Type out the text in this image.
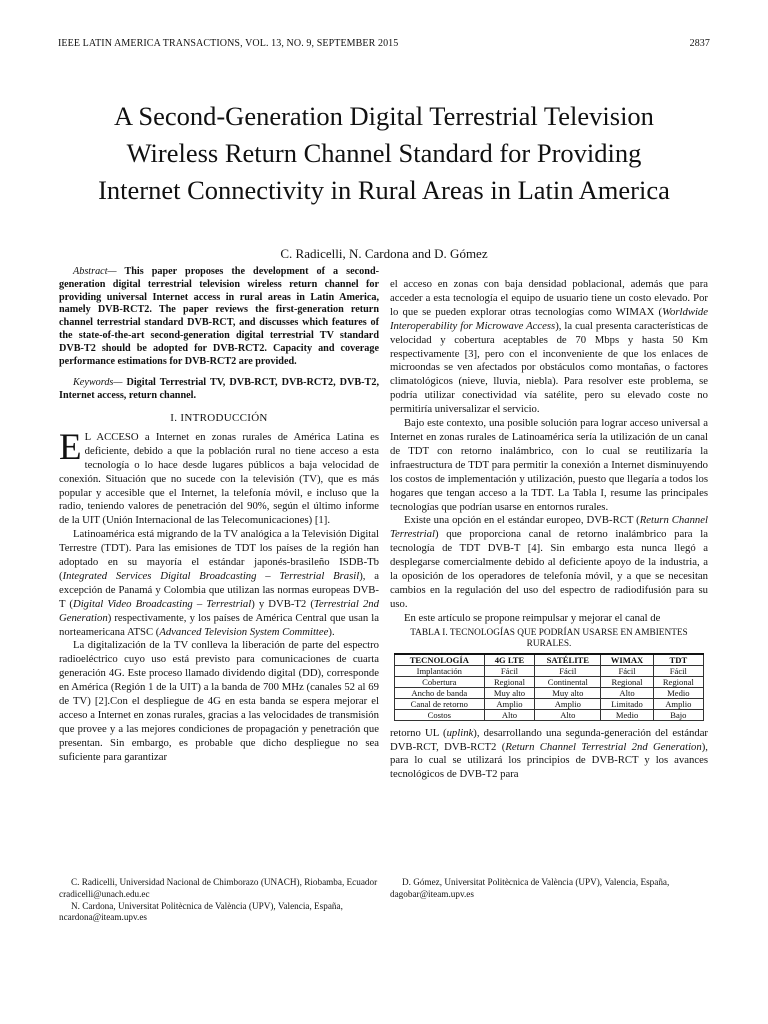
IEEE LATIN AMERICA TRANSACTIONS, VOL. 13, NO. 9, SEPTEMBER 2015	2837
A Second-Generation Digital Terrestrial Television Wireless Return Channel Standard for Providing Internet Connectivity in Rural Areas in Latin America
C. Radicelli, N. Cardona and D. Gómez

Abstract— This paper proposes the development of a second-generation digital terrestrial television wireless return channel for providing universal Internet access in rural areas in Latin America, namely DVB-RCT2. The paper reviews the first-generation return channel terrestrial standard DVB-RCT, and discusses which features of the state-of-the-art second-generation digital terrestrial TV standard DVB-T2 should be adopted for DVB-RCT2. Capacity and coverage performance estimations for DVB-RCT2 are provided.

Keywords— Digital Terrestrial TV, DVB-RCT, DVB-RCT2, DVB-T2, Internet access, return channel.

I. INTRODUCCIÓN

E L ACCESO a Internet en zonas rurales de América Latina es deficiente, debido a que la población rural no tiene acceso a esta tecnología o lo hace desde lugares públicos a baja velocidad de conexión. Situación que no sucede con la televisión (TV), que es más popular y accesible que el Internet, la telefonía móvil, e incluso que la radio, teniendo valores de penetración del 90%, según el último informe de la UIT (Unión Internacional de las Telecomunicaciones) [1].

Latinoamérica está migrando de la TV analógica a la Televisión Digital Terrestre (TDT). Para las emisiones de TDT los países de la región han adoptado en su mayoría el estándar japonés-brasileño ISDB-Tb (Integrated Services Digital Broadcasting – Terrestrial Brasil), a excepción de Panamá y Colombia que utilizan las normas europeas DVB-T (Digital Video Broadcasting – Terrestrial) y DVB-T2 (Terrestrial 2nd Generation) respectivamente, y los países de América Central que usan la norteamericana ATSC (Advanced Television System Committee).

La digitalización de la TV conlleva la liberación de parte del espectro radioeléctrico cuyo uso está previsto para comunicaciones de cuarta generación 4G. Este proceso llamado dividendo digital (DD), corresponde en América (Región 1 de la UIT) a la banda de 700 MHz (canales 52 al 69 de TV) [2].Con el despliegue de 4G en esta banda se espera mejorar el acceso a Internet en zonas rurales, gracias a las velocidades de transmisión que provee y a las mejores condiciones de propagación y penetración que presentan. Sin embargo, es probable que dicho despliegue no sea suficiente para garantizar

el acceso en zonas con baja densidad poblacional, además que para acceder a esta tecnología el equipo de usuario tiene un costo elevado. Por lo que se pueden explorar otras tecnologías como WIMAX (Worldwide Interoperability for Microwave Access), la cual presenta características de velocidad y cobertura aceptables de 70 Mbps y hasta 50 Km respectivamente [3], pero con el inconveniente de que los enlaces de microondas se ven afectados por obstáculos como montañas, o factores climatológicos (nieve, lluvia, niebla). Para resolver este problema, se podría utilizar conectividad vía satélite, pero su elevado coste no permitiría universalizar el servicio.

Bajo este contexto, una posible solución para lograr acceso universal a Internet en zonas rurales de Latinoamérica sería la utilización de un canal de TDT con retorno inalámbrico, con lo cual se reutilizaría la infraestructura de TDT para permitir la conexión a Internet disminuyendo los costos de implementación y utilización, puesto que llegaría a todos los hogares que tengan acceso a la TDT. La Tabla I, resume las principales tecnologías que podrían usarse en entornos rurales.

Existe una opción en el estándar europeo, DVB-RCT (Return Channel Terrestrial) que proporciona canal de retorno inalámbrico para la tecnología de TDT DVB-T [4]. Sin embargo esta nunca llegó a desplegarse comercialmente debido al deficiente apoyo de la industria, a la oposición de los operadores de telefonía móvil, y a que se necesitan cambios en la regulación del uso del espectro de radiodifusión para su uso.

En este artículo se propone reimpulsar y mejorar el canal de

TABLA I. TECNOLOGÍAS QUE PODRÍAN USARSE EN AMBIENTES RURALES.
TECNOLOGÍA	4G LTE	SATÉLITE	WIMAX	TDT
Implantación	Fácil	Fácil	Fácil	Fácil
Cobertura	Regional	Continental	Regional	Regional
Ancho de banda	Muy alto	Muy alto	Alto	Medio
Canal de retorno	Amplio	Amplio	Limitado	Amplio
Costos	Alto	Alto	Medio	Bajo

retorno UL (uplink), desarrollando una segunda-generación del estándar DVB-RCT, DVB-RCT2 (Return Channel Terrestrial 2nd Generation), para lo cual se utilizará los principios de DVB-RCT y los avances tecnológicos de DVB-T2 para

C. Radicelli, Universidad Nacional de Chimborazo (UNACH), Riobamba, Ecuador cradicelli@unach.edu.ec

N. Cardona, Universitat Politècnica de València (UPV), Valencia, España, ncardona@iteam.upv.es

D. Gómez, Universitat Politècnica de València (UPV), Valencia, España, dagobar@iteam.upv.es
